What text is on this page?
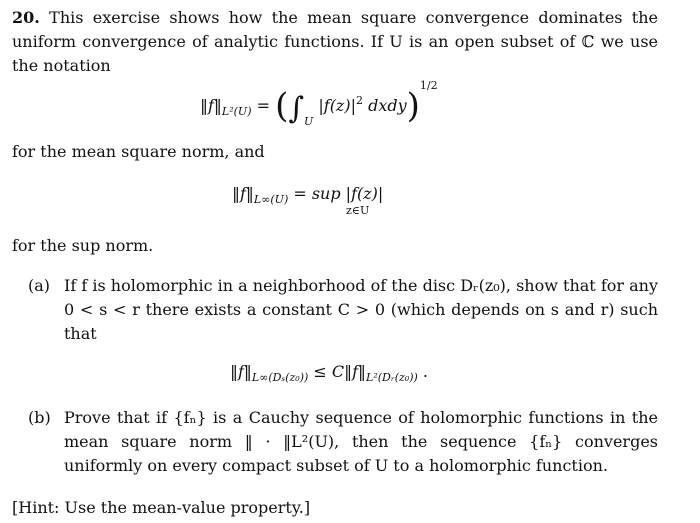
20. This exercise shows how the mean square convergence dominates the uniform convergence of analytic functions. If U is an open subset of ℂ we use the notation
$‖f‖_{L^2(U)} = (\int_U$ $|f(z)|^2$ dxdy)$^{1/2}$
for the mean square norm, and
$‖f‖_{L\infty(U)}$ = sup |f(z)|
z∈U
for the sup norm.
(a) If f is holomorphic in a neighborhood of the disc Dᵣ(z₀), show that for any 0 < s < r there exists a constant C > 0 (which depends on s and r) such that
$‖f‖_{L\infty(D_s(z_0))}$ ≤ $C‖f‖_{L^2(Dᵣ(z_0))}$ .
(b) Prove that if {fₙ} is a Cauchy sequence of holomorphic functions in the mean square norm ‖ · ‖L²(U), then the sequence {fₙ} converges uniformly on every compact subset of U to a holomorphic function.
[Hint: Use the mean-value property.]
